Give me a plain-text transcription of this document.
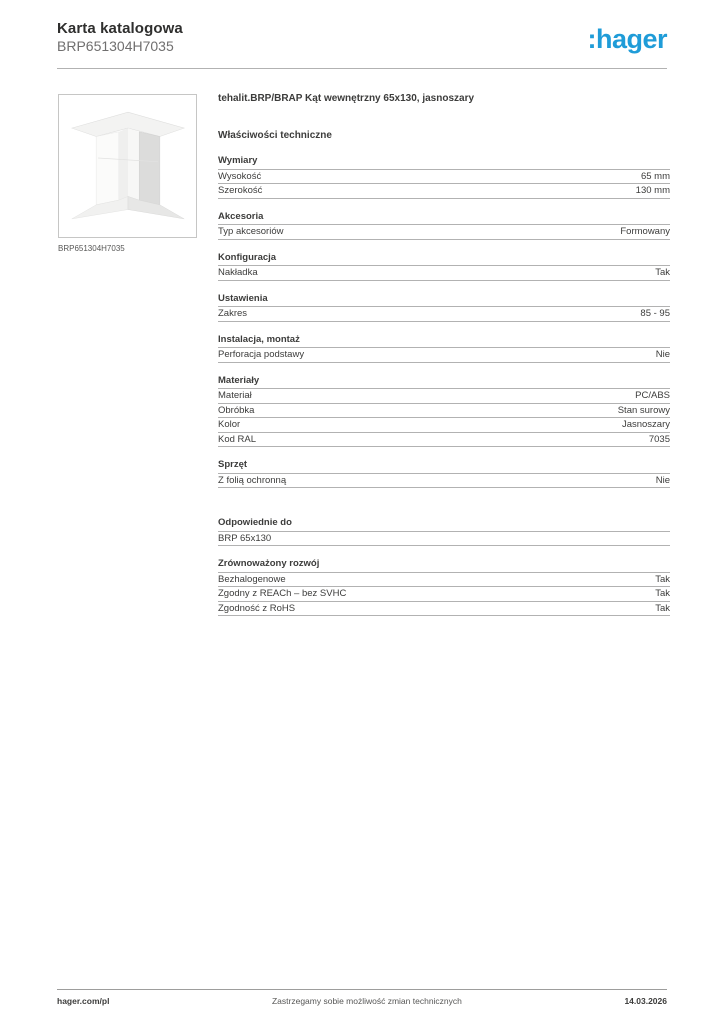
Karta katalogowa
BRP651304H7035	:hager
BRP651304H7035
tehalit.BRP/BRAP Kąt wewnętrzny 65x130, jasnoszary
Właściwości techniczne
Wymiary
Wysokość	65 mm
Szerokość	130 mm
Akcesoria
Typ akcesoriów	Formowany
Konfiguracja
Nakładka	Tak
Ustawienia
Zakres	85 - 95
Instalacja, montaż
Perforacja podstawy	Nie
Materiały
Materiał	PC/ABS
Obróbka	Stan surowy
Kolor	Jasnoszary
Kod RAL	7035
Sprzęt
Z folią ochronną	Nie
Odpowiednie do
BRP 65x130
Zrównoważony rozwój
Bezhalogenowe	Tak
Zgodny z REACh – bez SVHC	Tak
Zgodność z RoHS	Tak
hager.com/pl	Zastrzegamy sobie możliwość zmian technicznych	14.03.2026
